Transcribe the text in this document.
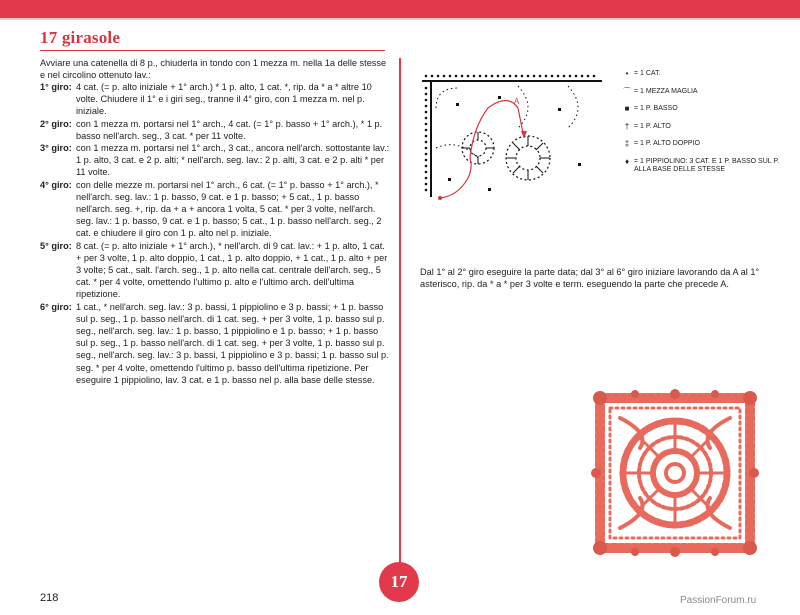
17 girasole
Avviare una catenella di 8 p., chiuderla in tondo con 1 mezza m. nella 1a delle stesse e nel circolino ottenuto lav.:
1° giro: 4 cat. (= p. alto iniziale + 1° arch.) * 1 p. alto, 1 cat. *, rip. da * a * altre 10 volte. Chiudere il 1° e i giri seg., tranne il 4° giro, con 1 mezza m. nel p. iniziale.
2° giro: con 1 mezza m. portarsi nel 1° arch., 4 cat. (= 1° p. basso + 1° arch.), * 1 p. basso nell'arch. seg., 3 cat. * per 11 volte.
3° giro: con 1 mezza m. portarsi nel 1° arch., 3 cat., ancora nell'arch. sottostante lav.: 1 p. alto, 3 cat. e 2 p. alti; * nell'arch. seg. lav.: 2 p. alti, 3 cat. e 2 p. alti * per 11 volte.
4° giro: con delle mezze m. portarsi nel 1° arch., 6 cat. (= 1° p. basso + 1° arch.), * nell'arch. seg. lav.: 1 p. basso, 9 cat. e 1 p. basso; + 5 cat., 1 p. basso nell'arch. seg. +, rip. da + a + ancora 1 volta, 5 cat. * per 3 volte, nell'arch. seg. lav.: 1 p. basso, 9 cat. e 1 p. basso; 5 cat., 1 p. basso nell'arch. seg., 2 cat. e chiudere il giro con 1 p. alto nel p. iniziale.
5° giro: 8 cat. (= p. alto iniziale + 1° arch.), * nell'arch. di 9 cat. lav.: + 1 p. alto, 1 cat. + per 3 volte, 1 p. alto doppio, 1 cat., 1 p. alto doppio, + 1 cat., 1 p. alto + per 3 volte; 5 cat., salt. l'arch. seg., 1 p. alto nella cat. centrale dell'arch. seg., 5 cat. * per 4 volte, omettendo l'ultimo p. alto e l'ultimo arch. dell'ultima ripetizione.
6° giro: 1 cat., * nell'arch. seg. lav.: 3 p. bassi, 1 pippiolino e 3 p. bassi; + 1 p. basso sul p. seg., 1 p. basso nell'arch. di 1 cat. seg. + per 3 volte, 1 p. basso sul p. seg., nell'arch. seg. lav.: 1 p. basso, 1 pippiolino e 1 p. basso; + 1 p. basso sul p. seg., 1 p. basso nell'arch. di 1 cat. seg. + per 3 volte, 1 p. basso sul p. seg., nell'arch. seg. lav.: 3 p. bassi, 1 pippiolino e 3 p. bassi; 1 p. basso sul p. seg. * per 4 volte, omettendo l'ultimo p. basso dell'ultima ripetizione. Per eseguire 1 pippiolino, lav. 3 cat. e 1 p. basso nel p. alla base delle stesse.
17
A
• = 1 CAT.
⌒ = 1 MEZZA MAGLIA
■ = 1 P. BASSO
† = 1 P. ALTO
‡ = 1 P. ALTO DOPPIO
♦ = 1 PIPPIOLINO: 3 CAT. E 1 P. BASSO SUL P. ALLA BASE DELLE STESSE
Dal 1° al 2° giro eseguire la parte data; dal 3° al 6° giro iniziare lavorando da A al 1° asterisco, rip. da * a * per 3 volte e term. eseguendo la parte che precede A.
218	PassionForum.ru
